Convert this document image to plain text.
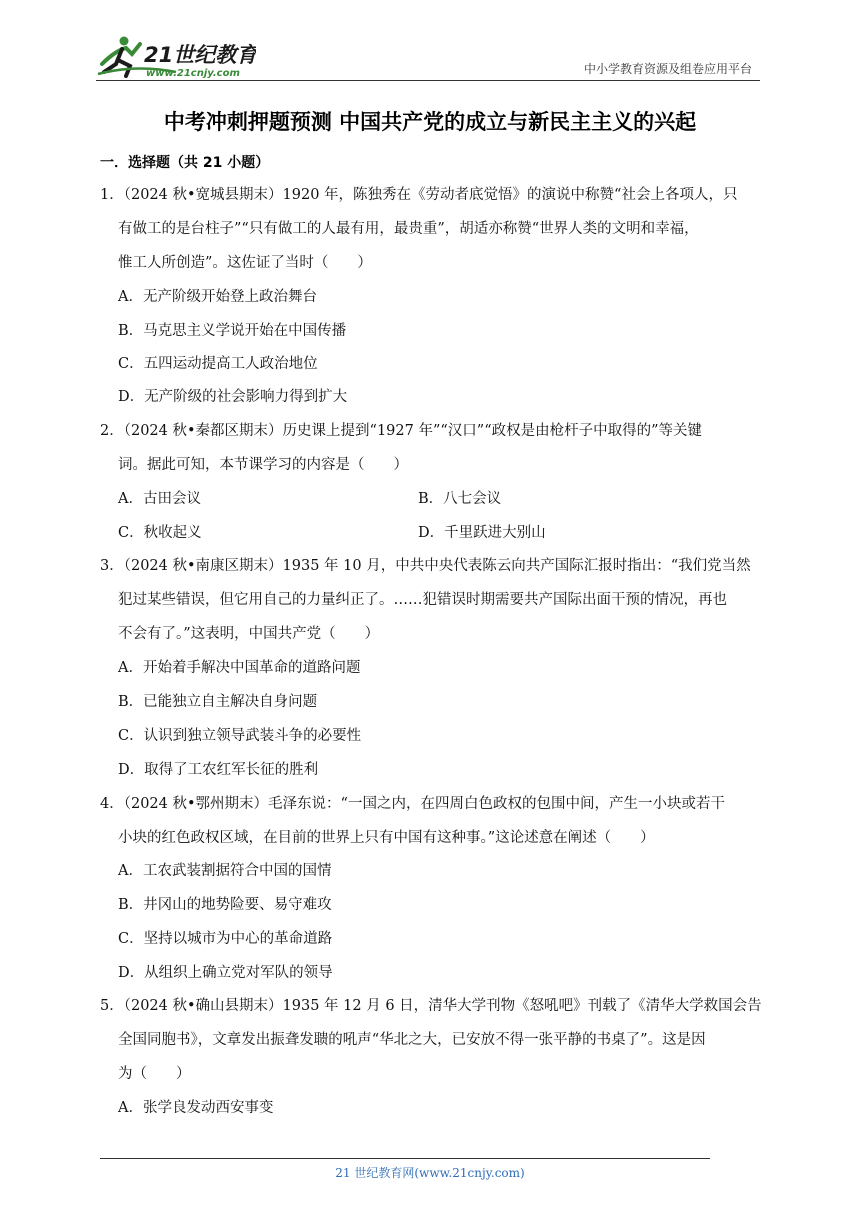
21世纪教育
www.21cnjy.com	中小学教育资源及组卷应用平台
中考冲刺押题预测 中国共产党的成立与新民主主义的兴起
一．选择题（共 21 小题）
1．（2024 秋•宽城县期末）1920 年，陈独秀在《劳动者底觉悟》的演说中称赞“社会上各项人，只
有做工的是台柱子”“只有做工的人最有用，最贵重”，胡适亦称赞“世界人类的文明和幸福，
惟工人所创造”。这佐证了当时（　　）
A．无产阶级开始登上政治舞台
B．马克思主义学说开始在中国传播
C．五四运动提高工人政治地位
D．无产阶级的社会影响力得到扩大
2．（2024 秋•秦都区期末）历史课上提到“1927 年”“汉口”“政权是由枪杆子中取得的”等关键
词。据此可知，本节课学习的内容是（　　）
A．古田会议	B．八七会议
C．秋收起义	D．千里跃进大别山
3．（2024 秋•南康区期末）1935 年 10 月，中共中央代表陈云向共产国际汇报时指出：“我们党当然
犯过某些错误，但它用自己的力量纠正了。……犯错误时期需要共产国际出面干预的情况，再也
不会有了。”这表明，中国共产党（　　）
A．开始着手解决中国革命的道路问题
B．已能独立自主解决自身问题
C．认识到独立领导武装斗争的必要性
D．取得了工农红军长征的胜利
4．（2024 秋•鄂州期末）毛泽东说：“一国之内，在四周白色政权的包围中间，产生一小块或若干
小块的红色政权区域，在目前的世界上只有中国有这种事。”这论述意在阐述（　　）
A．工农武装割据符合中国的国情
B．井冈山的地势险要、易守难攻
C．坚持以城市为中心的革命道路
D．从组织上确立党对军队的领导
5．（2024 秋•确山县期末）1935 年 12 月 6 日，清华大学刊物《怒吼吧》刊载了《清华大学救国会告
全国同胞书》，文章发出振聋发聩的吼声“华北之大，已安放不得一张平静的书桌了”。这是因
为（　　）
A．张学良发动西安事变
21 世纪教育网(www.21cnjy.com)
